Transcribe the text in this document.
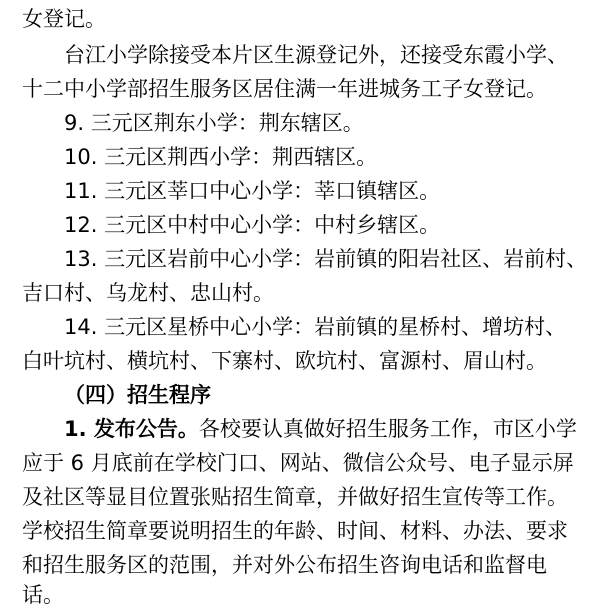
女登记。
台江小学除接受本片区生源登记外，还接受东霞小学、
十二中小学部招生服务区居住满一年进城务工子女登记。
9. 三元区荆东小学：荆东辖区。
10. 三元区荆西小学：荆西辖区。
11. 三元区莘口中心小学：莘口镇辖区。
12. 三元区中村中心小学：中村乡辖区。
13. 三元区岩前中心小学：岩前镇的阳岩社区、岩前村、
吉口村、乌龙村、忠山村。
14. 三元区星桥中心小学：岩前镇的星桥村、增坊村、
白叶坑村、横坑村、下寨村、欧坑村、富源村、眉山村。
（四）招生程序
1. 发布公告。各校要认真做好招生服务工作，市区小学
应于 6 月底前在学校门口、网站、微信公众号、电子显示屏
及社区等显目位置张贴招生简章，并做好招生宣传等工作。
学校招生简章要说明招生的年龄、时间、材料、办法、要求
和招生服务区的范围，并对外公布招生咨询电话和监督电
话。
